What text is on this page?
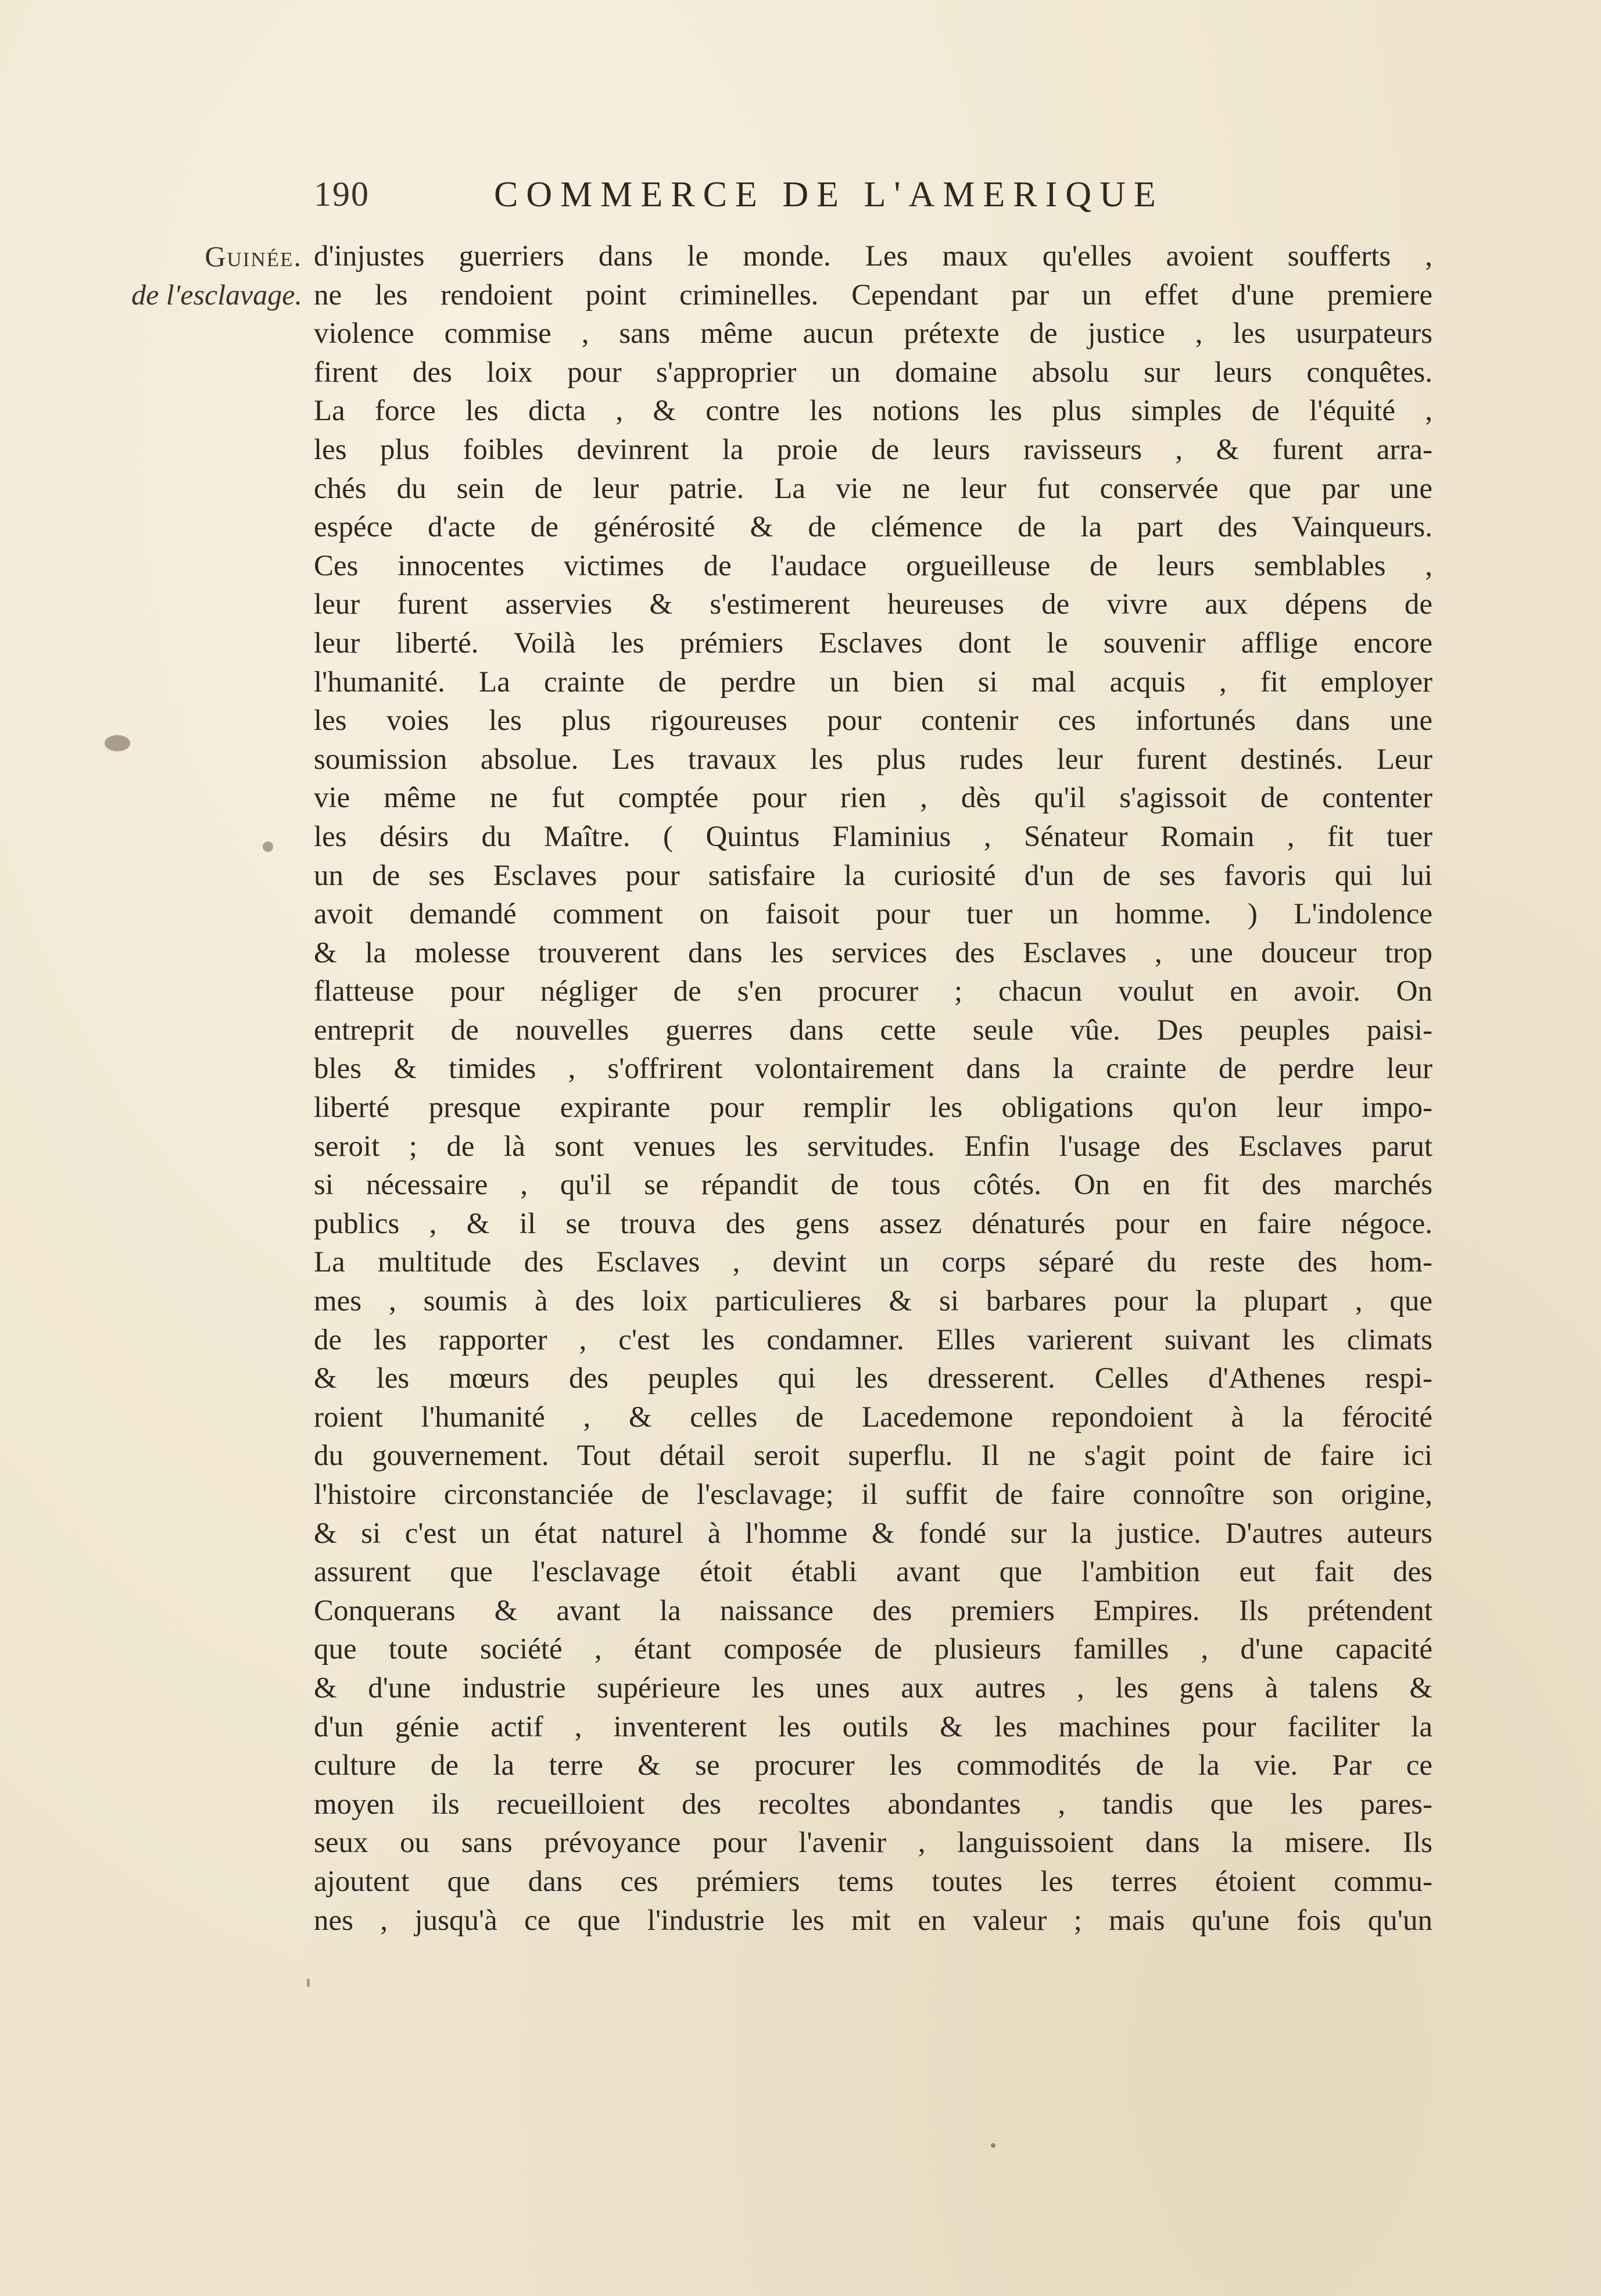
190	COMMERCE DE L'AMERIQUE
Guinée.
de l'esclavage.
d'injustes guerriers dans le monde. Les maux qu'elles avoient soufferts ,
ne les rendoient point criminelles. Cependant par un effet d'une premiere
violence commise , sans même aucun prétexte de justice , les usurpateurs
firent des loix pour s'approprier un domaine absolu sur leurs conquêtes.
La force les dicta , & contre les notions les plus simples de l'équité ,
les plus foibles devinrent la proie de leurs ravisseurs , & furent arra-
chés du sein de leur patrie. La vie ne leur fut conservée que par une
espéce d'acte de générosité & de clémence de la part des Vainqueurs.
Ces innocentes victimes de l'audace orgueilleuse de leurs semblables ,
leur furent asservies & s'estimerent heureuses de vivre aux dépens de
leur liberté. Voilà les prémiers Esclaves dont le souvenir afflige encore
l'humanité. La crainte de perdre un bien si mal acquis , fit employer
les voies les plus rigoureuses pour contenir ces infortunés dans une
soumission absolue. Les travaux les plus rudes leur furent destinés. Leur
vie même ne fut comptée pour rien , dès qu'il s'agissoit de contenter
les désirs du Maître. ( Quintus Flaminius , Sénateur Romain , fit tuer
un de ses Esclaves pour satisfaire la curiosité d'un de ses favoris qui lui
avoit demandé comment on faisoit pour tuer un homme. ) L'indolence
& la molesse trouverent dans les services des Esclaves , une douceur trop
flatteuse pour négliger de s'en procurer ; chacun voulut en avoir. On
entreprit de nouvelles guerres dans cette seule vûe. Des peuples paisi-
bles & timides , s'offrirent volontairement dans la crainte de perdre leur
liberté presque expirante pour remplir les obligations qu'on leur impo-
seroit ; de là sont venues les servitudes. Enfin l'usage des Esclaves parut
si nécessaire , qu'il se répandit de tous côtés. On en fit des marchés
publics , & il se trouva des gens assez dénaturés pour en faire négoce.
La multitude des Esclaves , devint un corps séparé du reste des hom-
mes , soumis à des loix particulieres & si barbares pour la plupart , que
de les rapporter , c'est les condamner. Elles varierent suivant les climats
& les mœurs des peuples qui les dresserent. Celles d'Athenes respi-
roient l'humanité , & celles de Lacedemone repondoient à la férocité
du gouvernement. Tout détail seroit superflu. Il ne s'agit point de faire ici
l'histoire circonstanciée de l'esclavage; il suffit de faire connoître son origine,
& si c'est un état naturel à l'homme & fondé sur la justice. D'autres auteurs
assurent que l'esclavage étoit établi avant que l'ambition eut fait des
Conquerans & avant la naissance des premiers Empires. Ils prétendent
que toute société , étant composée de plusieurs familles , d'une capacité
& d'une industrie supérieure les unes aux autres , les gens à talens &
d'un génie actif , inventerent les outils & les machines pour faciliter la
culture de la terre & se procurer les commodités de la vie. Par ce
moyen ils recueilloient des recoltes abondantes , tandis que les pares-
seux ou sans prévoyance pour l'avenir , languissoient dans la misere. Ils
ajoutent que dans ces prémiers tems toutes les terres étoient commu-
nes , jusqu'à ce que l'industrie les mit en valeur ; mais qu'une fois qu'un
